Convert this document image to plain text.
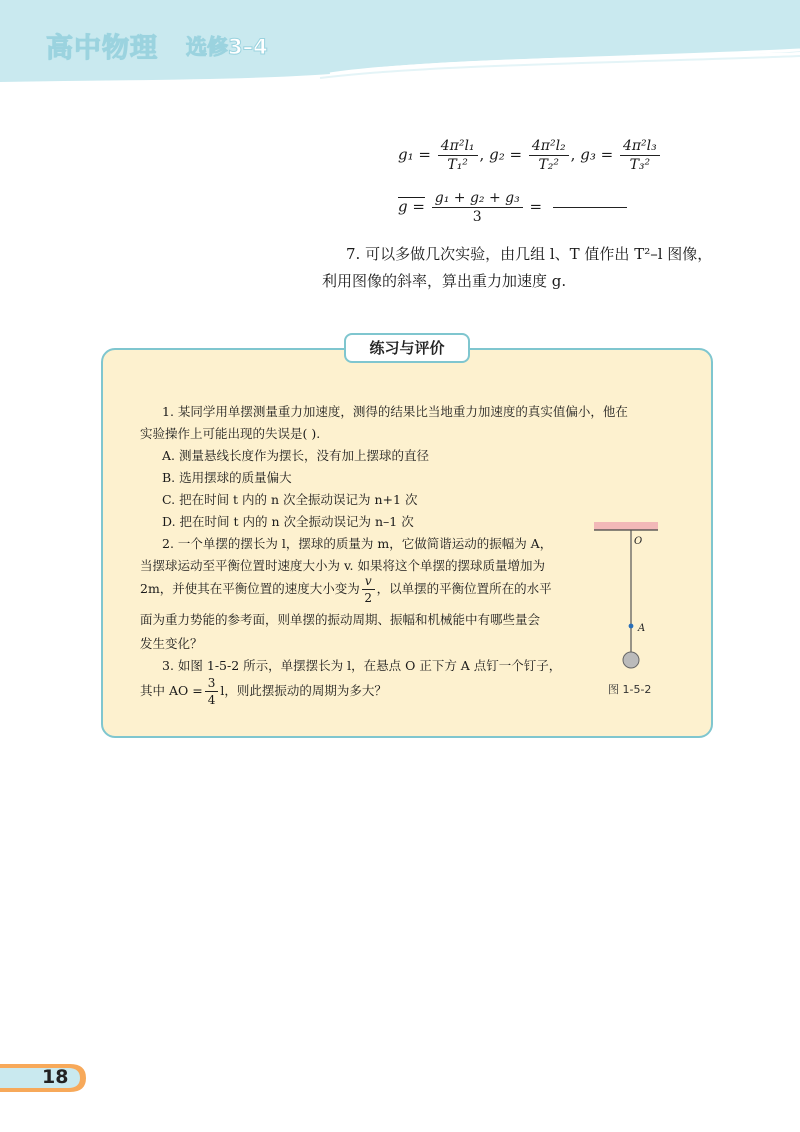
高中物理 选修3–4
$g_1 = \frac{\text{4π²l₁}}{\text{T₁²}}$ , $g_2 = \frac{\text{4π²l₂}}{\text{T₂²}}$ , $g_3 = \frac{\text{4π²l₃}}{\text{T₃²}}$
$g = \frac{\text{g₁ + g₂ + g₃}}{3}$ =
7. 可以多做几次实验，由几组 l、T 值作出 T²–l 图像，
利用图像的斜率，算出重力加速度 g.
练习与评价
1. 某同学用单摆测量重力加速度，测得的结果比当地重力加速度的真实值偏小，他在
实验操作上可能出现的失误是( ).
A. 测量悬线长度作为摆长，没有加上摆球的直径
B. 选用摆球的质量偏大
C. 把在时间 t 内的 n 次全振动误记为 n+1 次
D. 把在时间 t 内的 n 次全振动误记为 n–1 次
2. 一个单摆的摆长为 l，摆球的质量为 m，它做简谐运动的振幅为 A，
当摆球运动至平衡位置时速度大小为 v. 如果将这个单摆的摆球质量增加为
2m，并使其在平衡位置的速度大小变为 $\frac{v}{2}$ ，以单摆的平衡位置所在的水平
面为重力势能的参考面，则单摆的振动周期、振幅和机械能中有哪些量会
发生变化？
3. 如图 1-5-2 所示，单摆摆长为 l，在悬点 O 正下方 A 点钉一个钉子，
其中 AO = $\frac{3}{4}$ l，则此摆振动的周期为多大？
O
A
图 1-5-2
18
